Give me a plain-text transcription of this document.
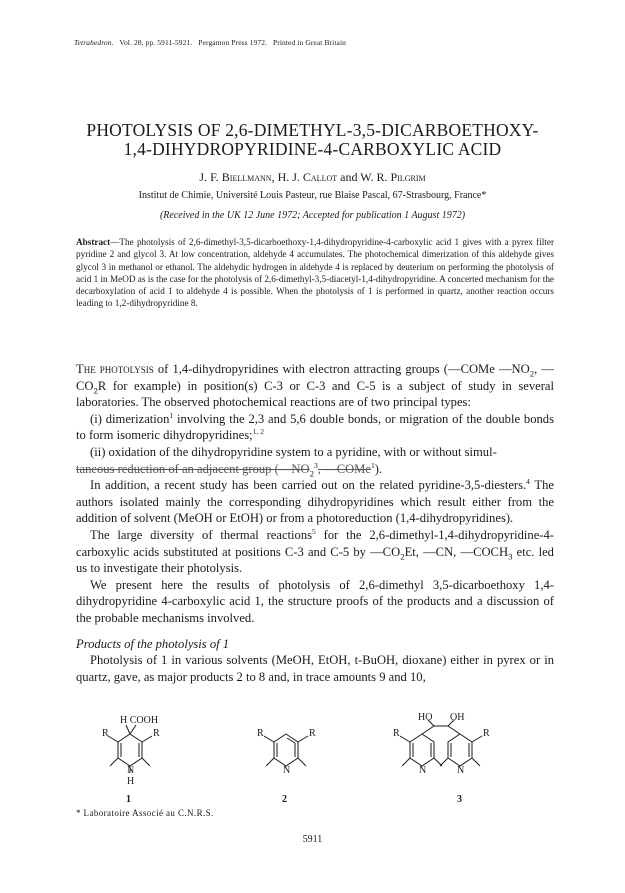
Tetrahedron. Vol. 28, pp. 5911-5921. Pergamon Press 1972. Printed in Great Britain
PHOTOLYSIS OF 2,6-DIMETHYL-3,5-DICARBOETHOXY-
1,4-DIHYDROPYRIDINE-4-CARBOXYLIC ACID
J. F. Biellmann, H. J. Callot and W. R. Pilgrim
Institut de Chimie, Université Louis Pasteur, rue Blaise Pascal, 67-Strasbourg, France*
(Received in the UK 12 June 1972; Accepted for publication 1 August 1972)
Abstract—The photolysis of 2,6-dimethyl-3,5-dicarboethoxy-1,4-dihydropyridine-4-carboxylic acid 1 gives with a pyrex filter pyridine 2 and glycol 3. At low concentration, aldehyde 4 accumulates. The photochemical dimerization of this aldehyde gives glycol 3 in methanol or ethanol. The aldehydic hydrogen in aldehyde 4 is replaced by deuterium on performing the photolysis of acid 1 in MeOD as is the case for the photolysis of 2,6-dimethyl-3,5-diacetyl-1,4-dihydropyridine. A concerted mechanism for the decarboxylation of acid 1 to aldehyde 4 is possible. When the photolysis of 1 is performed in quartz, another reaction occurs leading to 1,2-dihydropyridine 8.

The photolysis of 1,4-dihydropyridines with electron attracting groups (—COMe $—NO_2$, $—CO_2R$ for example) in position(s) C-3 or C-3 and C-5 is a subject of study in several laboratories. The observed photochemical reactions are of two principal types:

(i) dimerization$^1$ involving the 2,3 and 5,6 double bonds, or migration of the double bonds to form isomeric dihydropyridines;$^{1, 2}$

(ii) oxidation of the dihydropyridine system to a pyridine, with or without simul-
taneous reduction of an adjacent group ($—NO_2^3$, —COMe$^1$).

In addition, a recent study has been carried out on the related pyridine-3,5-diesters.$^4$ The authors isolated mainly the corresponding dihydropyridines which result either from the addition of solvent (MeOH or EtOH) or from a photoreduction (1,4-dihydropyridines).

The large diversity of thermal reactions$^5$ for the 2,6-dimethyl-1,4-dihydropyridine-4-carboxylic acids substituted at positions C-3 and C-5 by $—CO_2Et$, —CN, $—COCH_3$ etc. led us to investigate their photolysis.

We present here the results of photolysis of 2,6-dimethyl 3,5-dicarboethoxy 1,4-dihydropyridine 4-carboxylic acid 1, the structure proofs of the products and a discussion of the probable mechanisms involved.

Products of the photolysis of 1

Photolysis of 1 in various solvents (MeOH, EtOH, t-BuOH, dioxane) either in pyrex or in quartz, gave, as major products 2 to 8 and, in trace amounts 9 and 10,

H COOH
R	R
N
H
1
R	R
N
2
HO OH
R	R
N	N
3
* Laboratoire Associé au C.N.R.S.
5911
